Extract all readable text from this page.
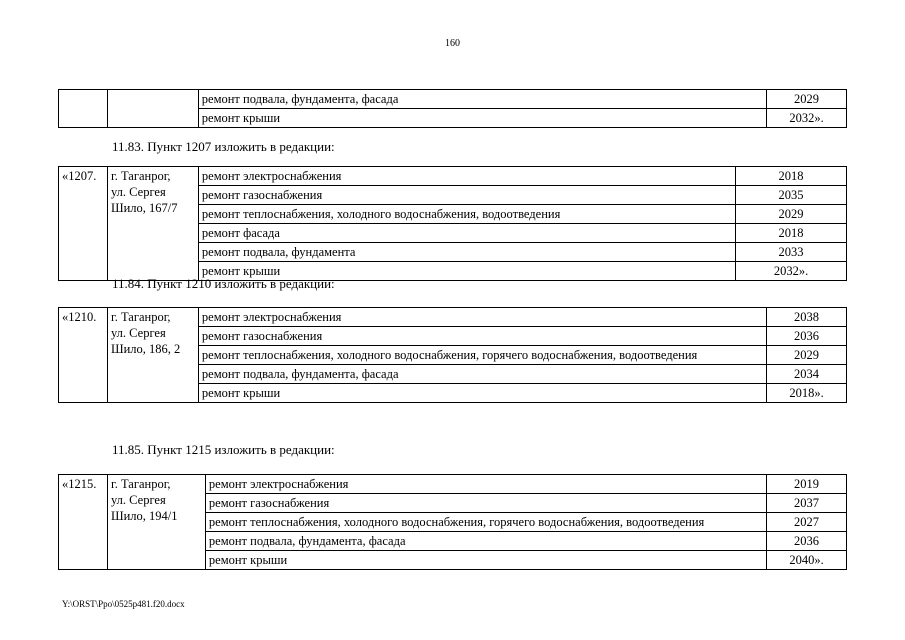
160
		ремонт подвала, фундамента, фасада	2029
		ремонт крыши	2032».
11.83. Пункт 1207 изложить в редакции:
«1207.	г. Таганрог,
ул. Сергея
Шило, 167/7	ремонт электроснабжения	2018
		ремонт газоснабжения	2035
		ремонт теплоснабжения, холодного водоснабжения, водоотведения	2029
		ремонт фасада	2018
		ремонт подвала, фундамента	2033
		ремонт крыши	2032».
11.84. Пункт 1210 изложить в редакции:
«1210.	г. Таганрог,
ул. Сергея
Шило, 186, 2	ремонт электроснабжения	2038
		ремонт газоснабжения	2036
		ремонт теплоснабжения, холодного водоснабжения, горячего водоснабжения, водоотведения	2029
		ремонт подвала, фундамента, фасада	2034
		ремонт крыши	2018».
11.85. Пункт 1215 изложить в редакции:
«1215.	г. Таганрог,
ул. Сергея
Шило, 194/1	ремонт электроснабжения	2019
		ремонт газоснабжения	2037
		ремонт теплоснабжения, холодного водоснабжения, горячего водоснабжения, водоотведения	2027
		ремонт подвала, фундамента, фасада	2036
		ремонт крыши	2040».
Y:\ORST\Ppo\0525p481.f20.docx
